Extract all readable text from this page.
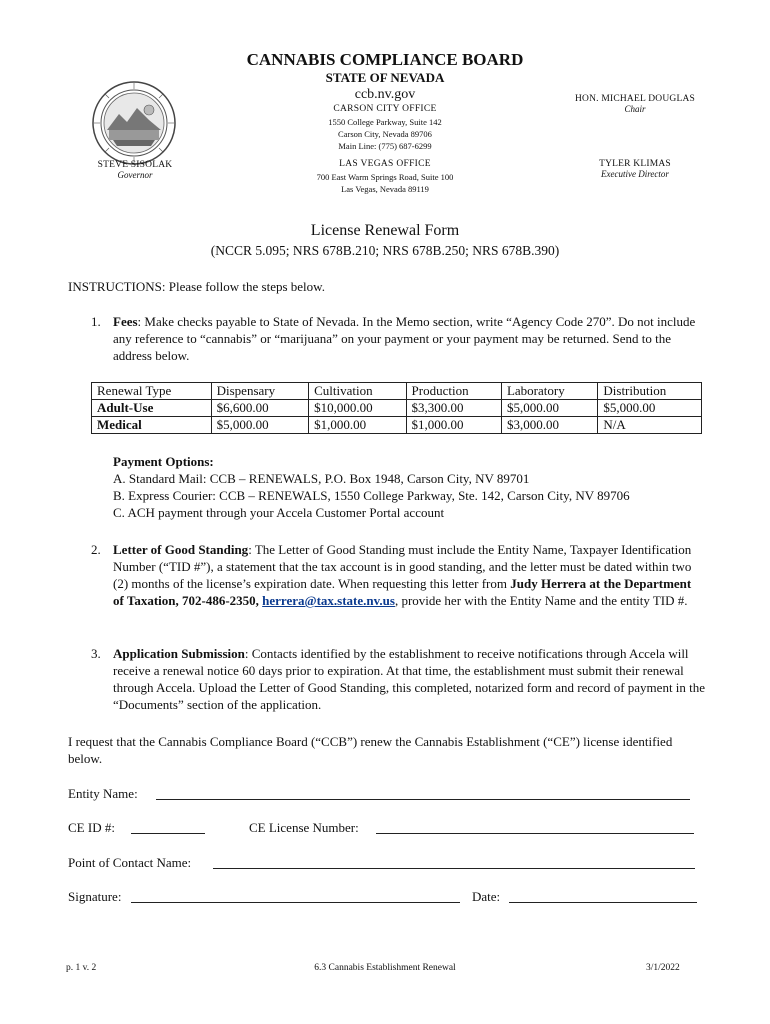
CANNABIS COMPLIANCE BOARD
STATE OF NEVADA
ccb.nv.gov
CARSON CITY OFFICE
1550 College Parkway, Suite 142
Carson City, Nevada 89706
Main Line: (775) 687-6299
LAS VEGAS OFFICE
700 East Warm Springs Road, Suite 100
Las Vegas, Nevada 89119
STEVE SISOLAK
Governor
HON. MICHAEL DOUGLAS
Chair
TYLER KLIMAS
Executive Director
License Renewal Form
(NCCR 5.095; NRS 678B.210; NRS 678B.250; NRS 678B.390)
INSTRUCTIONS: Please follow the steps below.
1. Fees: Make checks payable to State of Nevada. In the Memo section, write “Agency Code 270”. Do not include any reference to “cannabis” or “marijuana” on your payment or your payment may be returned. Send to the address below.
Renewal Type	Dispensary	Cultivation	Production	Laboratory	Distribution
Adult-Use	$6,600.00	$10,000.00	$3,300.00	$5,000.00	$5,000.00
Medical	$5,000.00	$1,000.00	$1,000.00	$3,000.00	N/A
Payment Options:
A. Standard Mail: CCB – RENEWALS, P.O. Box 1948, Carson City, NV 89701
B. Express Courier: CCB – RENEWALS, 1550 College Parkway, Ste. 142, Carson City, NV 89706
C. ACH payment through your Accela Customer Portal account
2. Letter of Good Standing: The Letter of Good Standing must include the Entity Name, Taxpayer Identification Number (“TID #”), a statement that the tax account is in good standing, and the letter must be dated within two (2) months of the license’s expiration date. When requesting this letter from Judy Herrera at the Department of Taxation, 702-486-2350, herrera@tax.state.nv.us, provide her with the Entity Name and the entity TID #.
3. Application Submission: Contacts identified by the establishment to receive notifications through Accela will receive a renewal notice 60 days prior to expiration. At that time, the establishment must submit their renewal through Accela. Upload the Letter of Good Standing, this completed, notarized form and record of payment in the “Documents” section of the application.
I request that the Cannabis Compliance Board (“CCB”) renew the Cannabis Establishment (“CE”) license identified below.
Entity Name:
CE ID #:	CE License Number:
Point of Contact Name:
Signature:	Date:
p. 1 v. 2	6.3 Cannabis Establishment Renewal	3/1/2022
